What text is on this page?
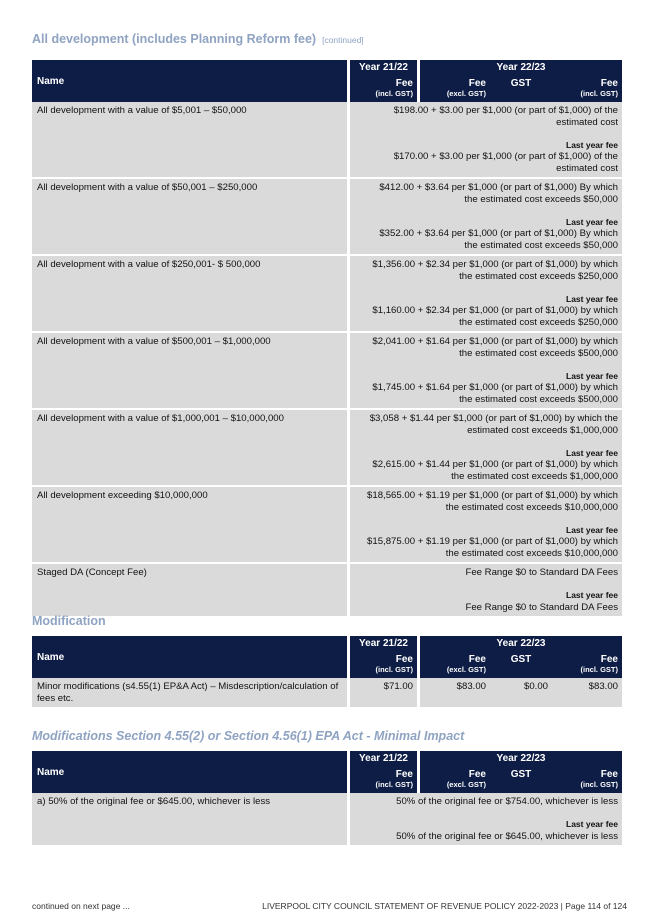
All development (includes Planning Reform fee) [continued]
Name	Year 21/22	Year 22/23		
	Fee	Fee	GST	Fee
	(incl. GST)	(excl. GST)		(incl. GST)
All development with a value of $5,001 – $50,000	$198.00 + $3.00 per $1,000 (or part of $1,000) of the
estimated cost
Last year fee
$170.00 + $3.00 per $1,000 (or part of $1,000) of the
estimated cost			

All development with a value of $50,001 – $250,000	$412.00 + $3.64 per $1,000 (or part of $1,000) By which
the estimated cost exceeds $50,000
Last year fee
$352.00 + $3.64 per $1,000 (or part of $1,000) By which
the estimated cost exceeds $50,000			

All development with a value of $250,001- $ 500,000	$1,356.00 + $2.34 per $1,000 (or part of $1,000) by which
the estimated cost exceeds $250,000
Last year fee
$1,160.00 + $2.34 per $1,000 (or part of $1,000) by which
the estimated cost exceeds $250,000			

All development with a value of $500,001 – $1,000,000	$2,041.00 + $1.64 per $1,000 (or part of $1,000) by which
the estimated cost exceeds $500,000
Last year fee
$1,745.00 + $1.64 per $1,000 (or part of $1,000) by which
the estimated cost exceeds $500,000			

All development with a value of $1,000,001 – $10,000,000	$3,058 + $1.44 per $1,000 (or part of $1,000) by which the
estimated cost exceeds $1,000,000
Last year fee
$2,615.00 + $1.44 per $1,000 (or part of $1,000) by which
the estimated cost exceeds $1,000,000			

All development exceeding $10,000,000	$18,565.00 + $1.19 per $1,000 (or part of $1,000) by which
the estimated cost exceeds $10,000,000
Last year fee
$15,875.00 + $1.19 per $1,000 (or part of $1,000) by which
the estimated cost exceeds $10,000,000			

Staged DA (Concept Fee)	Fee Range $0 to Standard DA Fees
Last year fee
Fee Range $0 to Standard DA Fees			
Modification
Name	Year 21/22	Year 22/23		
	Fee	Fee	GST	Fee
	(incl. GST)	(excl. GST)		(incl. GST)
Minor modifications (s4.55(1) EP&A Act) – Misdescription/calculation of fees etc.	$71.00	$83.00	$0.00	$83.00
Modifications Section 4.55(2) or Section 4.56(1) EPA Act - Minimal Impact
Name	Year 21/22	Year 22/23		
	Fee	Fee	GST	Fee
	(incl. GST)	(excl. GST)		(incl. GST)
a) 50% of the original fee or $645.00, whichever is less	50% of the original fee or $754.00, whichever is less
Last year fee
50% of the original fee or $645.00, whichever is less			
continued on next page ...	LIVERPOOL CITY COUNCIL STATEMENT OF REVENUE POLICY 2022-2023 | Page 114 of 124
